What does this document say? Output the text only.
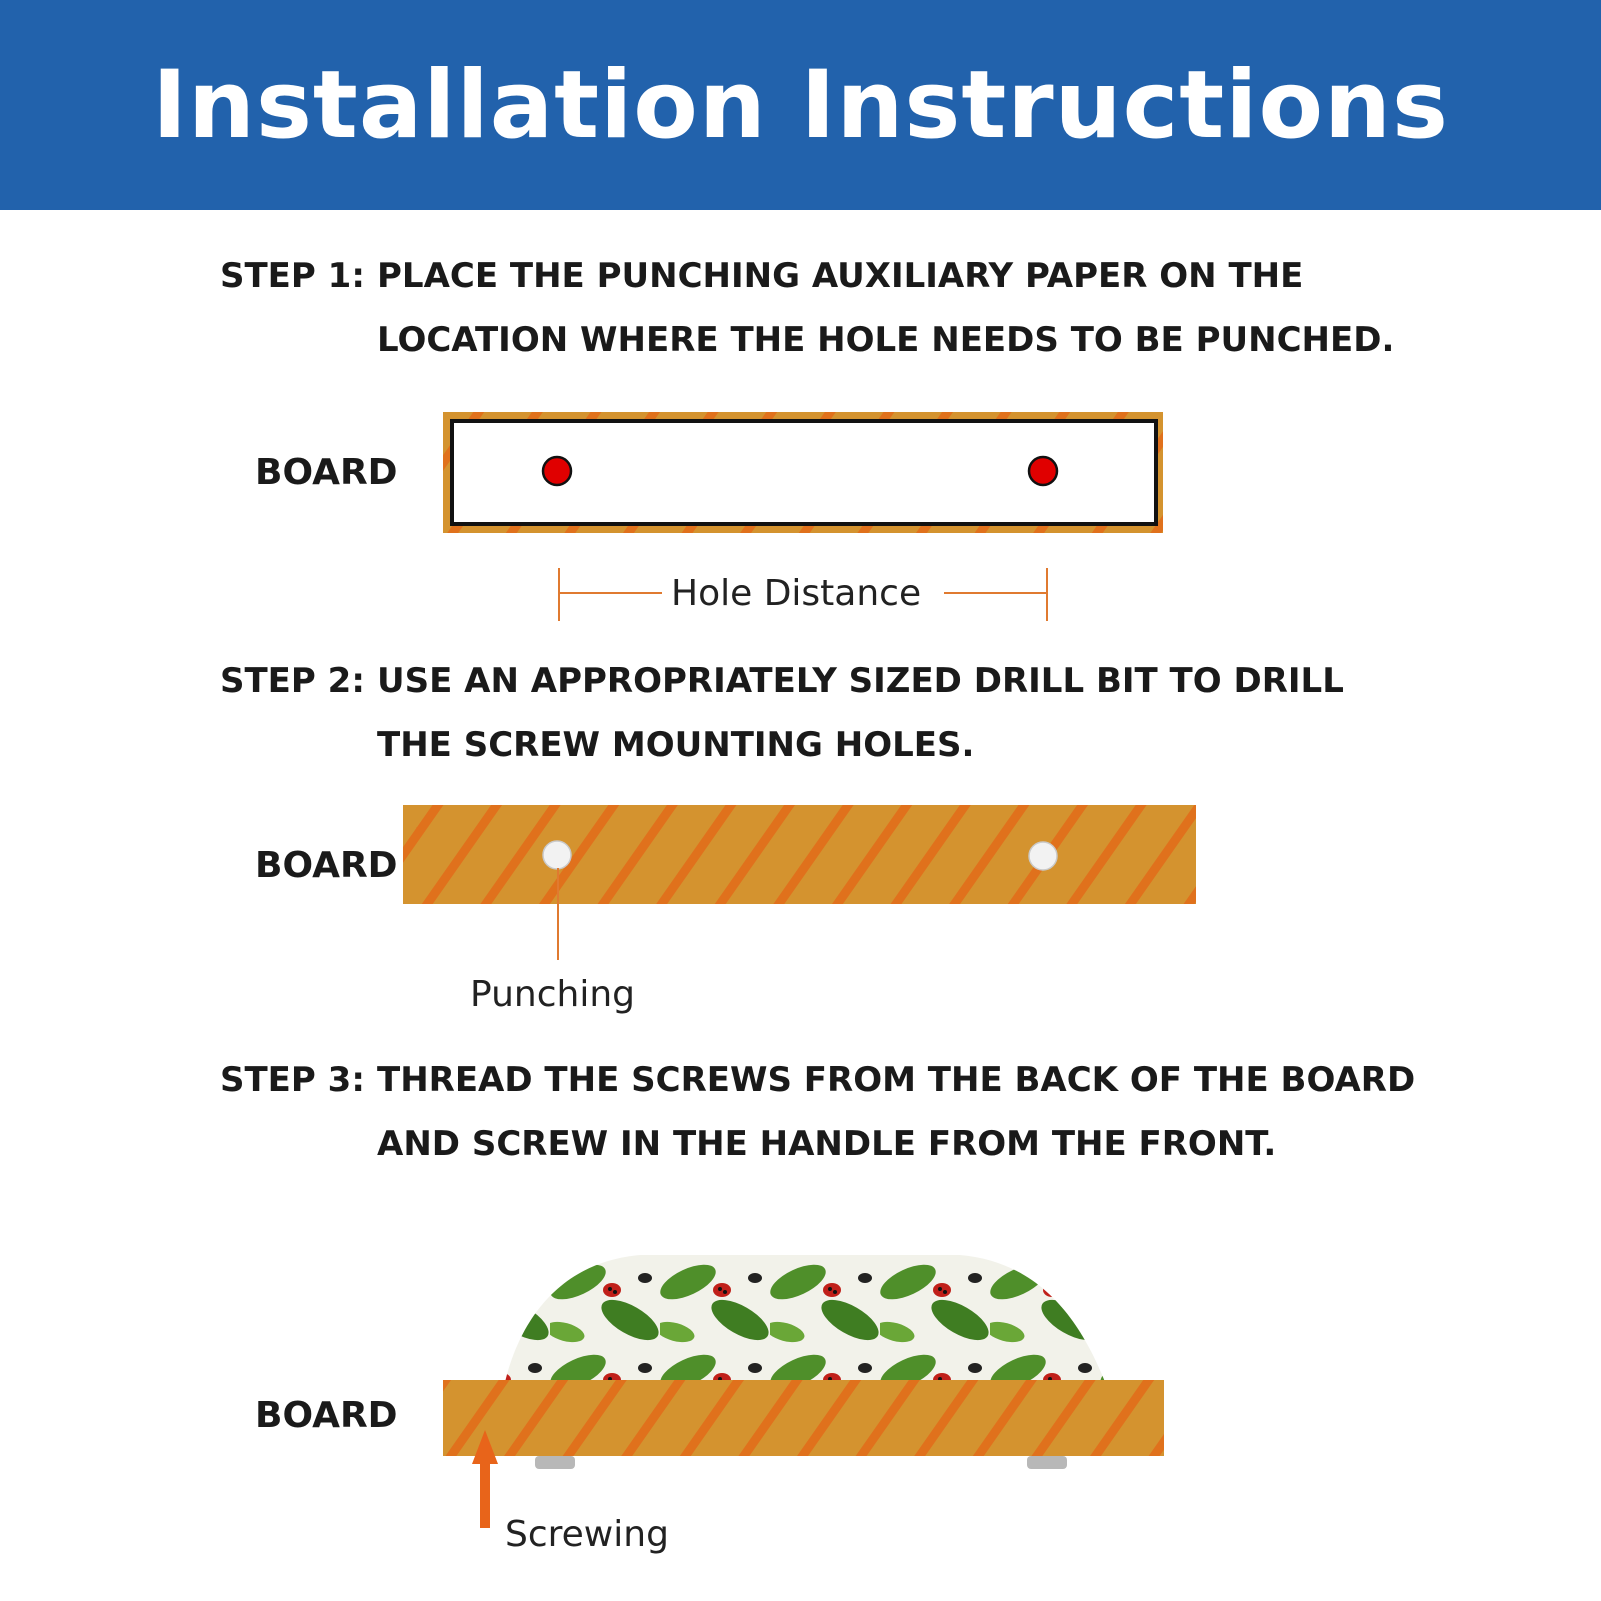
Installation Instructions
STEP 1: PLACE THE PUNCHING AUXILIARY PAPER ON THE LOCATION WHERE THE HOLE NEEDS TO BE PUNCHED.
STEP 2: USE AN APPROPRIATELY SIZED DRILL BIT TO DRILL THE SCREW MOUNTING HOLES.
STEP 3: THREAD THE SCREWS FROM THE BACK OF THE BOARD AND SCREW IN THE HANDLE FROM THE FRONT.
BOARD
BOARD
BOARD
Hole Distance
Punching
Screwing
